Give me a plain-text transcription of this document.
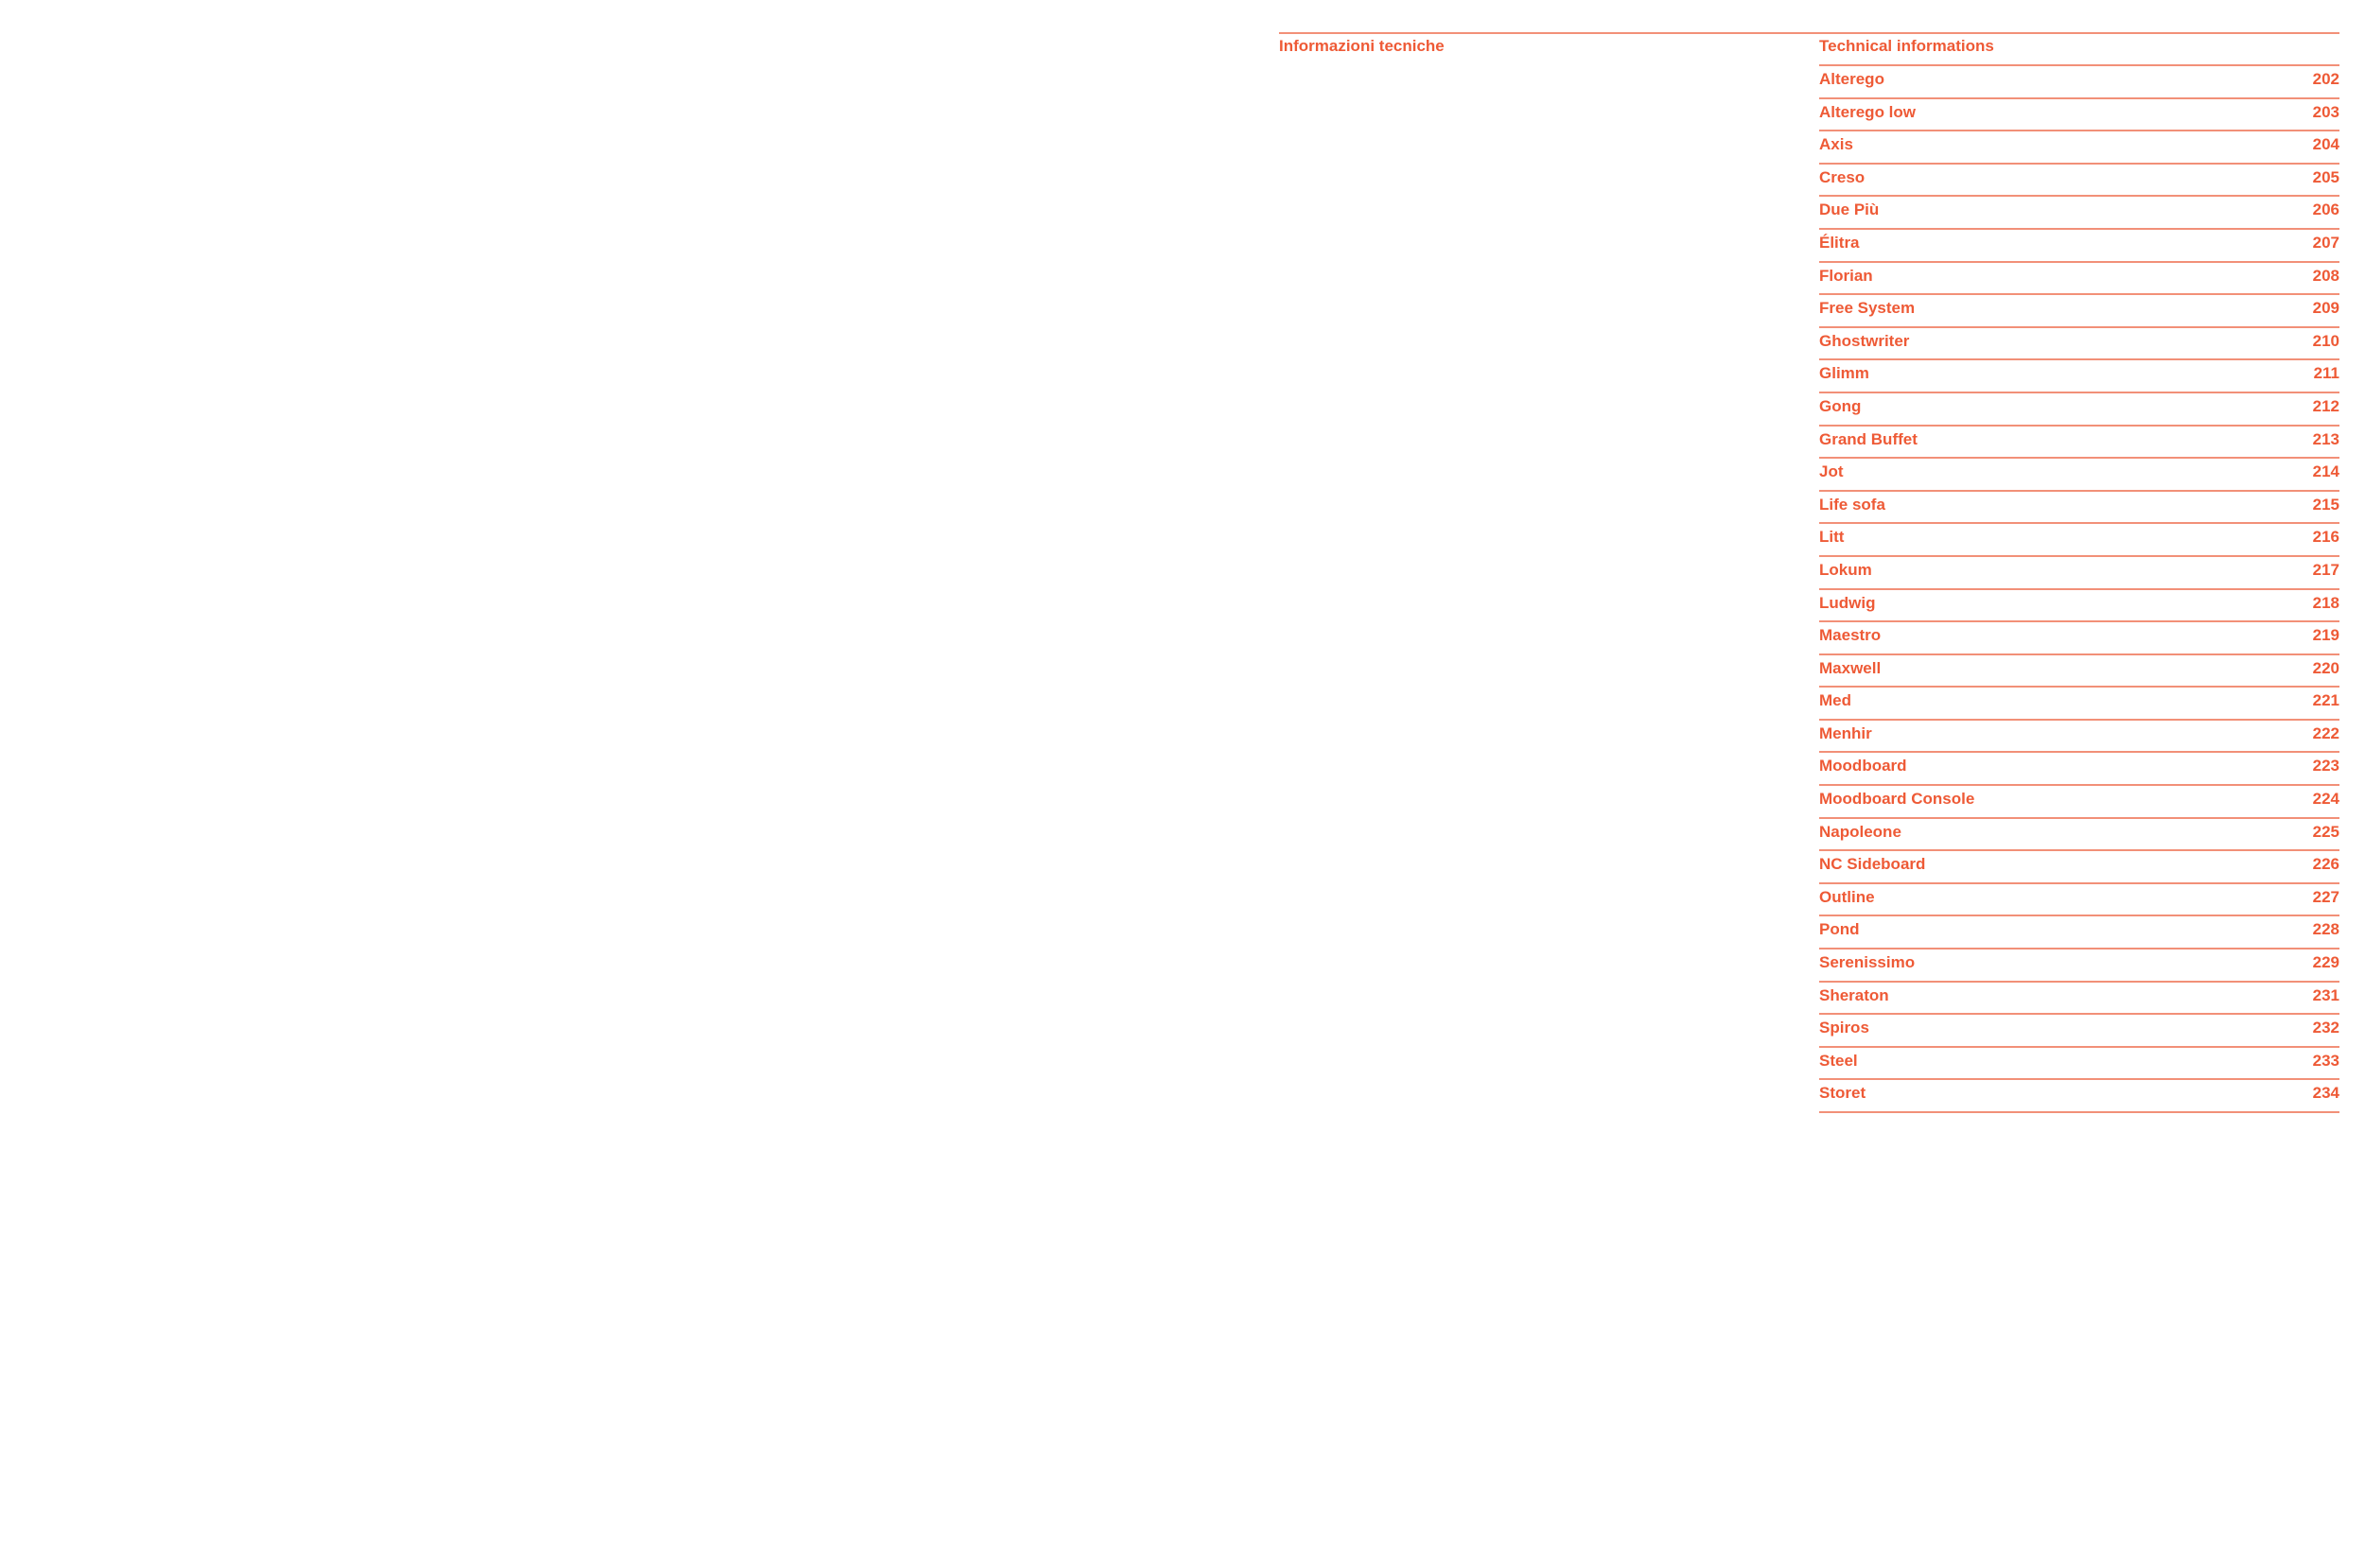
Informazioni tecniche	Technical informations
Alterego	202
Alterego low	203
Axis	204
Creso	205
Due Più	206
Élitra	207
Florian	208
Free System	209
Ghostwriter	210
Glimm	211
Gong	212
Grand Buffet	213
Jot	214
Life sofa	215
Litt	216
Lokum	217
Ludwig	218
Maestro	219
Maxwell	220
Med	221
Menhir	222
Moodboard	223
Moodboard Console	224
Napoleone	225
NC Sideboard	226
Outline	227
Pond	228
Serenissimo	229
Sheraton	231
Spiros	232
Steel	233
Storet	234
